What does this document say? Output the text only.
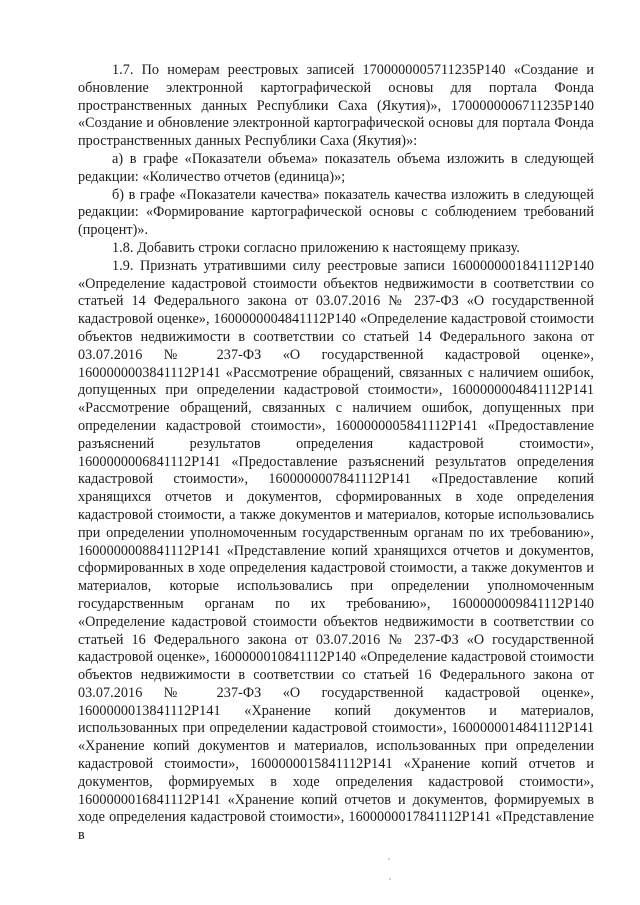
1.7. По номерам реестровых записей 1700000005711235Р140 «Создание и обновление электронной картографической основы для портала Фонда пространственных данных Республики Саха (Якутия)», 1700000006711235Р140 «Создание и обновление электронной картографической основы для портала Фонда пространственных данных Республики Саха (Якутия)»:

а) в графе «Показатели объема» показатель объема изложить в следующей редакции: «Количество отчетов (единица)»;

б) в графе «Показатели качества» показатель качества изложить в следующей редакции: «Формирование картографической основы с соблюдением требований (процент)».

1.8. Добавить строки согласно приложению к настоящему приказу.

1.9. Признать утратившими силу реестровые записи 1600000001841112Р140 «Определение кадастровой стоимости объектов недвижимости в соответствии со статьей 14 Федерального закона от 03.07.2016 № 237-ФЗ «О государственной кадастровой оценке», 1600000004841112Р140 «Определение кадастровой стоимости объектов недвижимости в соответствии со статьей 14 Федерального закона от 03.07.2016 № 237-ФЗ «О государственной кадастровой оценке», 1600000003841112Р141 «Рассмотрение обращений, связанных с наличием ошибок, допущенных при определении кадастровой стоимости», 1600000004841112Р141 «Рассмотрение обращений, связанных с наличием ошибок, допущенных при определении кадастровой стоимости», 1600000005841112Р141 «Предоставление разъяснений результатов определения кадастровой стоимости», 1600000006841112Р141 «Предоставление разъяснений результатов определения кадастровой стоимости», 1600000007841112Р141 «Предоставление копий хранящихся отчетов и документов, сформированных в ходе определения кадастровой стоимости, а также документов и материалов, которые использовались при определении уполномоченным государственным органам по их требованию», 1600000008841112Р141 «Представление копий хранящихся отчетов и документов, сформированных в ходе определения кадастровой стоимости, а также документов и материалов, которые использовались при определении уполномоченным государственным органам по их требованию», 1600000009841112Р140 «Определение кадастровой стоимости объектов недвижимости в соответствии со статьей 16 Федерального закона от 03.07.2016 № 237-ФЗ «О государственной кадастровой оценке», 1600000010841112Р140 «Определение кадастровой стоимости объектов недвижимости в соответствии со статьей 16 Федерального закона от 03.07.2016 № 237-ФЗ «О государственной кадастровой оценке», 1600000013841112Р141 «Хранение копий документов и материалов, использованных при определении кадастровой стоимости», 1600000014841112Р141 «Хранение копий документов и материалов, использованных при определении кадастровой стоимости», 1600000015841112Р141 «Хранение копий отчетов и документов, формируемых в ходе определения кадастровой стоимости», 1600000016841112Р141 «Хранение копий отчетов и документов, формируемых в ходе определения кадастровой стоимости», 1600000017841112Р141 «Представление в
